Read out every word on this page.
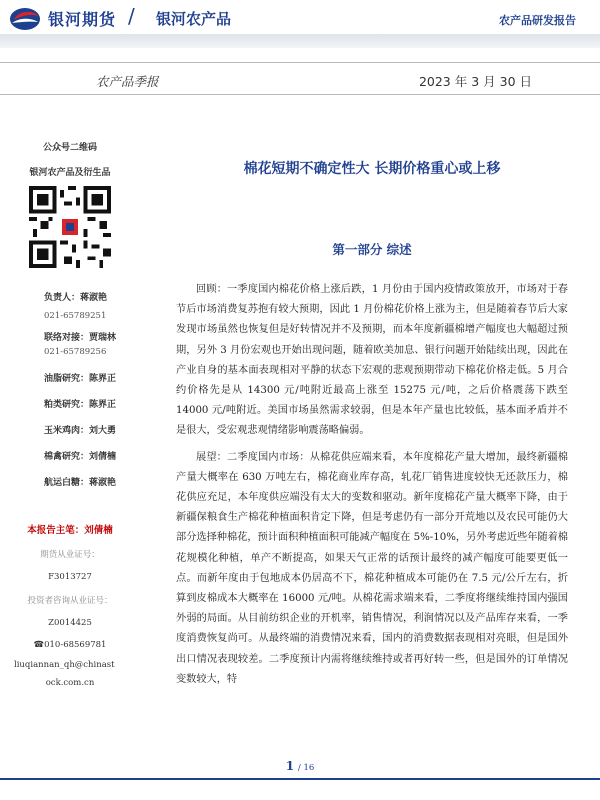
银河期货 / 银河农产品	农产品研发报告
农产品季报	2023 年 3 月 30 日
公众号二维码
银河农产品及衍生品
负责人：蒋淑艳
021-65789251
联络对接：贾瑞林
021-65789256
油脂研究：陈界正
粕类研究：陈界正
玉米鸡肉：刘大勇
棉禽研究：刘倩楠
航运白糖：蒋淑艳
本报告主笔：刘倩楠
期货从业证号：
F3013727
投资者咨询从业证号：
Z0014425
☎010-68569781
liuqiannan_qh@chinast
ock.com.cn
棉花短期不确定性大 长期价格重心或上移
第一部分 综述

回顾：一季度国内棉花价格上涨后跌，1 月份由于国内疫情政策放开，市场对于春节后市场消费复苏抱有较大预期，因此 1 月份棉花价格上涨为主，但是随着春节后大家发现市场虽然也恢复但是好转情况并不及预期，而本年度新疆棉增产幅度也大幅超过预期，另外 3 月份宏观也开始出现问题，随着欧美加息、银行问题开始陆续出现，因此在产业自身的基本面表现相对平静的状态下宏观的悲观预期带动下棉花价格走低。5 月合约价格先是从 14300 元/吨附近最高上涨至 15275 元/吨，之后价格震荡下跌至 14000 元/吨附近。美国市场虽然需求较弱，但是本年产量也比较低，基本面矛盾并不是很大，受宏观悲观情绪影响震荡略偏弱。

展望：二季度国内市场：从棉花供应端来看，本年度棉花产量大增加，最终新疆棉产量大概率在 630 万吨左右，棉花商业库存高，轧花厂销售进度较快无还款压力，棉花供应充足，本年度供应端没有太大的变数和驱动。新年度棉花产量大概率下降，由于新疆保粮食生产棉花种植面积肯定下降，但是考虑仍有一部分开荒地以及农民可能仍大部分选择种棉花，预计面积种植面积可能减产幅度在 5%-10%，另外考虑近些年随着棉花规模化种植，单产不断提高，如果天气正常的话预计最终的减产幅度可能要更低一点。而新年度由于包地成本仍居高不下，棉花种植成本可能仍在 7.5 元/公斤左右，折算到皮棉成本大概率在 16000 元/吨。从棉花需求端来看，二季度将继续维持国内强国外弱的局面。从目前纺织企业的开机率，销售情况，利润情况以及产品库存来看，一季度消费恢复尚可。从最终端的消费情况来看，国内的消费数据表现相对亮眼，但是国外出口情况表现较差。二季度预计内需将继续维持或者再好转一些，但是国外的订单情况变数较大，特

1 / 16
